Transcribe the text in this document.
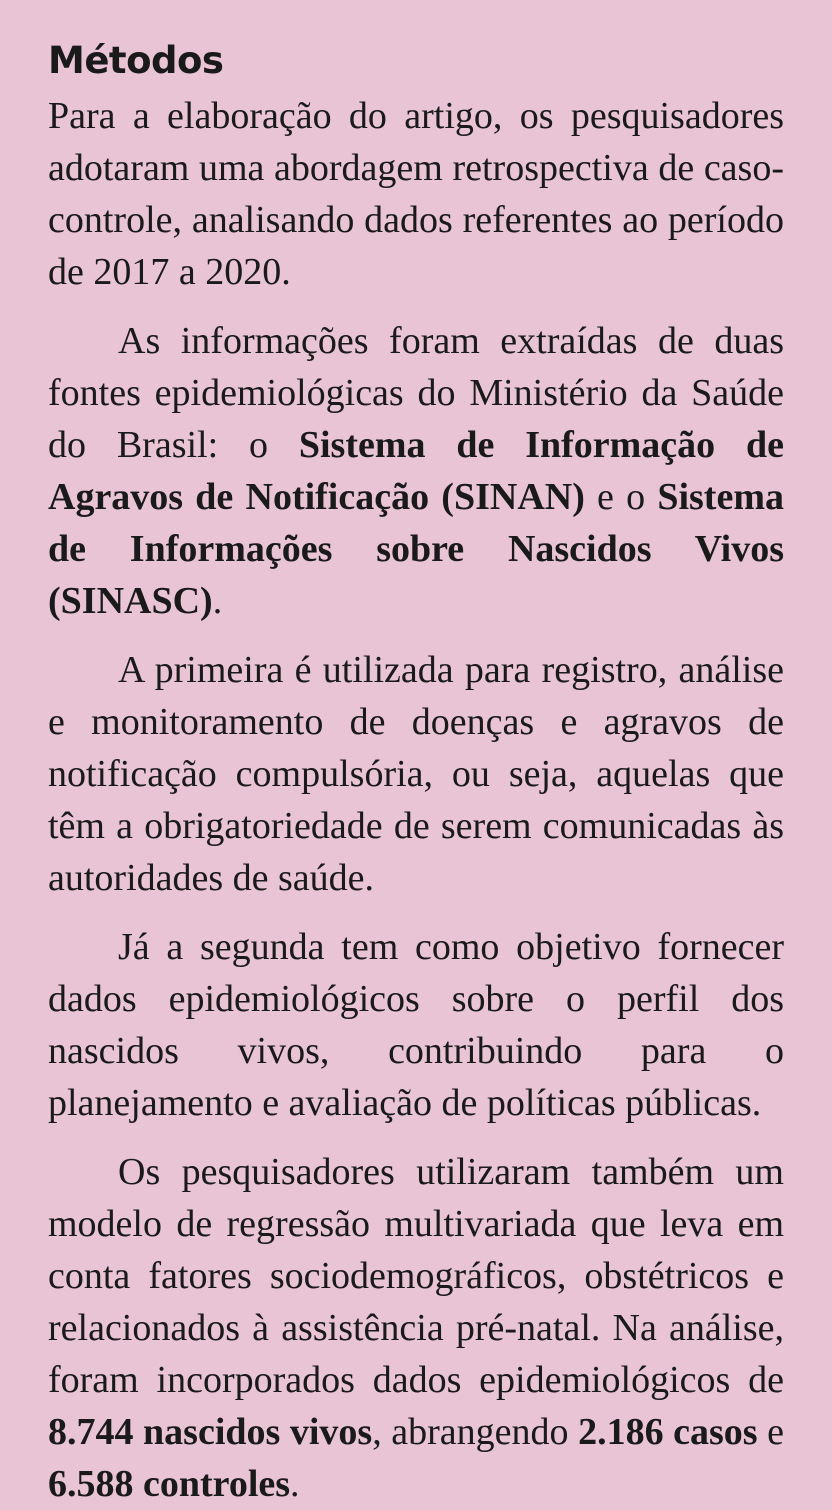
Métodos

Para a elaboração do artigo, os pesquisadores adotaram uma abordagem retrospectiva de caso-controle, analisando dados referentes ao período de 2017 a 2020.

As informações foram extraídas de duas fontes epidemiológicas do Ministério da Saúde do Brasil: o Sistema de Informação de Agravos de Notificação (SINAN) e o Sistema de Informações sobre Nascidos Vivos (SINASC).

A primeira é utilizada para registro, análise e monitoramento de doenças e agravos de notificação compulsória, ou seja, aquelas que têm a obrigatoriedade de serem comunicadas às autoridades de saúde.

Já a segunda tem como objetivo fornecer dados epidemiológicos sobre o perfil dos nascidos vivos, contribuindo para o planejamento e avaliação de políticas públicas.

Os pesquisadores utilizaram também um modelo de regressão multivariada que leva em conta fatores sociodemográficos, obstétricos e relacionados à assistência pré-natal. Na análise, foram incorporados dados epidemiológicos de 8.744 nascidos vivos, abrangendo 2.186 casos e 6.588 controles.
